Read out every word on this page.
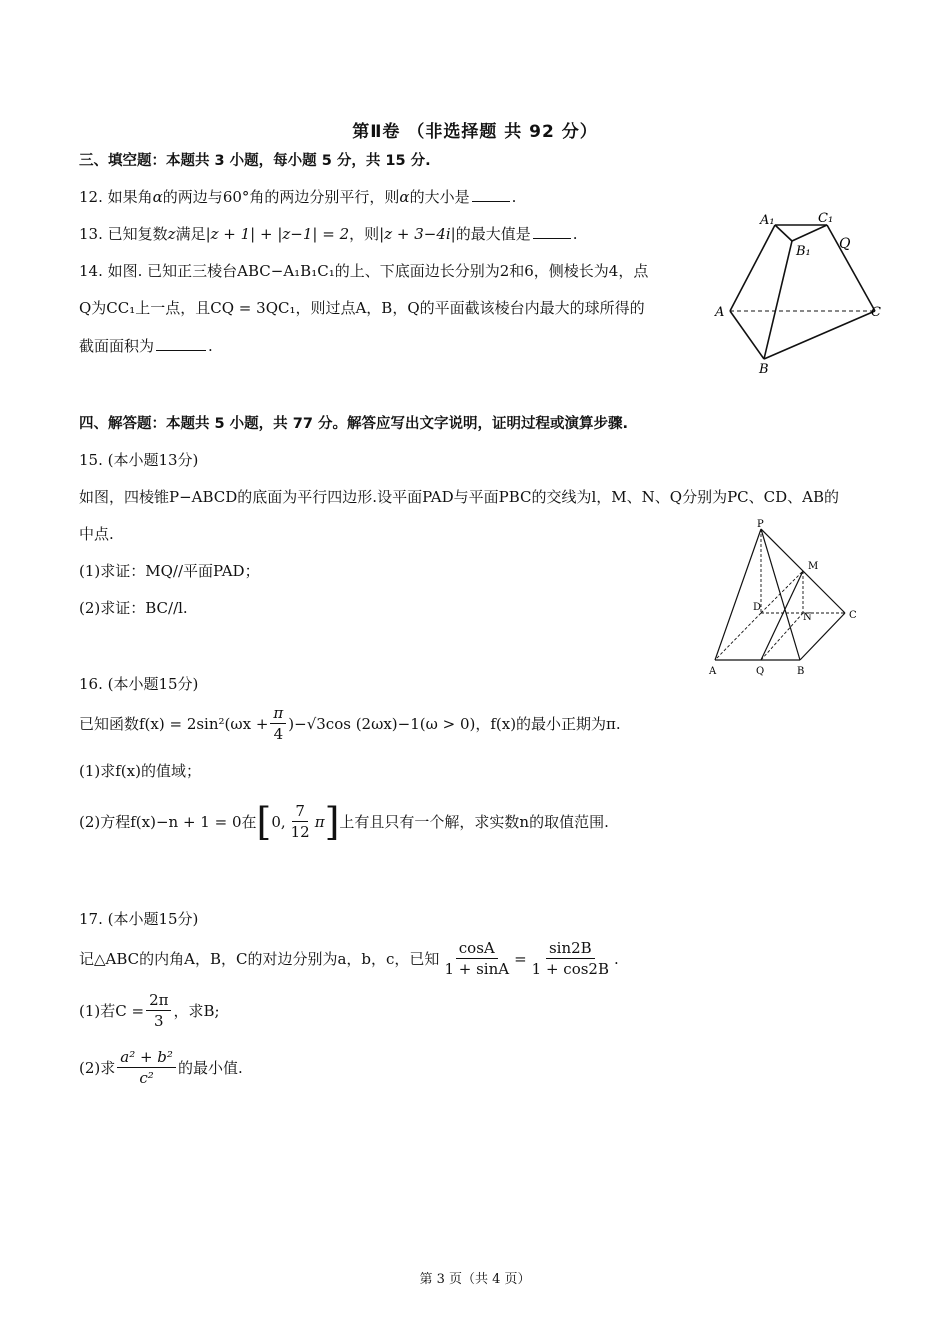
第Ⅱ卷 （非选择题 共 92 分）
三、填空题：本题共 3 小题，每小题 5 分，共 15 分.
12. 如果角α的两边与60°角的两边分别平行，则α的大小是	.
13. 已知复数z满足|z + 1| + |z−1| = 2，则|z + 3−4i|的最大值是	.
14. 如图. 已知正三棱台ABC−A₁B₁C₁的上、下底面边长分别为2和6，侧棱长为4，点
Q为CC₁上一点，且CQ = 3QC₁，则过点A，B，Q的平面截该棱台内最大的球所得的
截面面积为	.
A₁	C₁
B₁ Q
A	C
B
四、解答题：本题共 5 小题，共 77 分。解答应写出文字说明，证明过程或演算步骤.
15. (本小题13分)
如图，四棱锥P−ABCD的底面为平行四边形.设平面PAD与平面PBC的交线为l，M、N、Q分别为PC、CD、AB的
中点.
(1)求证：MQ//平面PAD；
(2)求证：BC//l.
P
M
D
N	C
A	Q	B
16. (本小题15分)
已知函数$f(x) = 2\sin^2(\omega x + \frac{\pi}{4} )-√3\cos$ (2ωx)−1(ω > 0)，f(x)的最小正期为π.
(1)求f(x)的值域；
(2)方程f(x)−n + 1 = 0在 [ 0, $\frac{7}{12}$ π ] 上有且只有一个解，求实数n的取值范围.
17. (本小题15分)
记△ABC的内角A，B，C的对边分别为a，b，c，已知 $\frac{\cos A}{1 + \sin A} = \frac{\sin 2B}{1 + \cos 2B}$ .
(1)若$C = \frac{2\pi}{3}$ ，求B;
(2)求 $\frac{\text{a² + b²}}{\text{c²}}$ 的最小值.
第 3 页（共 4 页）
